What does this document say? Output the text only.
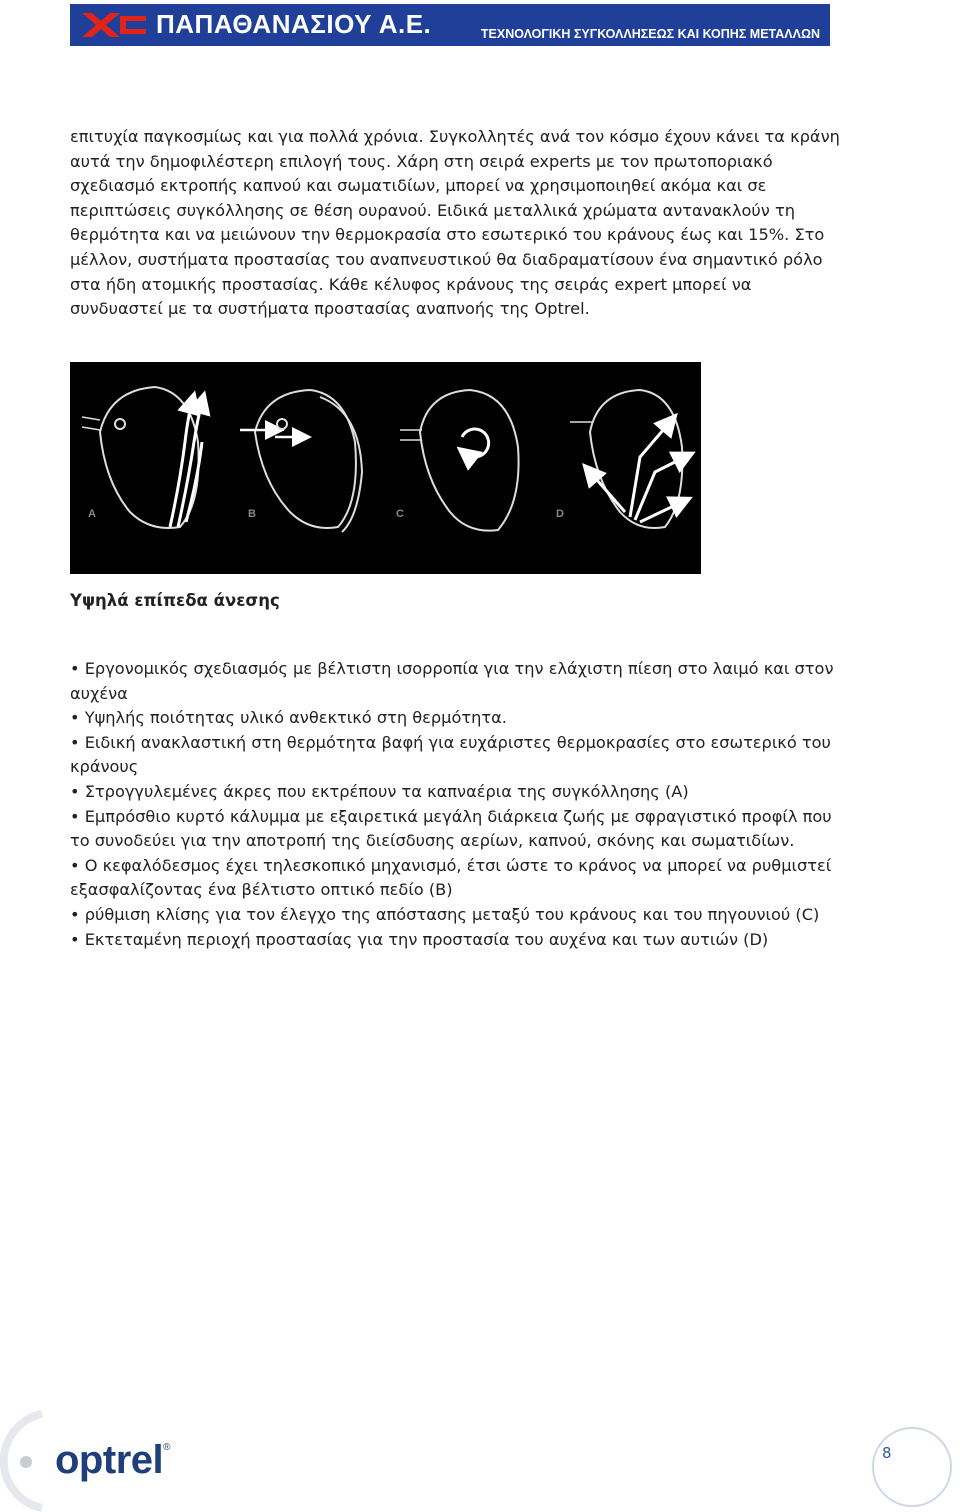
ΠΑΠΑΘΑΝΑΣΙΟΥ Α.Ε.	ΤΕΧΝΟΛΟΓΙΚΗ ΣΥΓΚΟΛΛΗΣΕΩΣ ΚΑΙ ΚΟΠΗΣ ΜΕΤΑΛΛΩΝ

επιτυχία παγκοσμίως και για πολλά χρόνια. Συγκολλητές ανά τον κόσμο έχουν κάνει τα κράνη αυτά την δημοφιλέστερη επιλογή τους. Χάρη στη σειρά experts με τον πρωτοποριακό σχεδιασμό εκτροπής καπνού και σωματιδίων, μπορεί να χρησιμοποιηθεί ακόμα και σε περιπτώσεις συγκόλλησης σε θέση ουρανού. Ειδικά μεταλλικά χρώματα αντανακλούν τη θερμότητα και να μειώνουν την θερμοκρασία στο εσωτερικό του κράνους έως και 15%. Στο μέλλον, συστήματα προστασίας του αναπνευστικού θα διαδραματίσουν ένα σημαντικό ρόλο στα ήδη ατομικής προστασίας. Κάθε κέλυφος κράνους της σειράς expert μπορεί να συνδυαστεί με τα συστήματα προστασίας αναπνοής της Optrel.

A	B	C	D
Υψηλά επίπεδα άνεσης
• Εργονομικός σχεδιασμός με βέλτιστη ισορροπία για την ελάχιστη πίεση στο λαιμό και στον αυχένα
• Υψηλής ποιότητας υλικό ανθεκτικό στη θερμότητα.
• Ειδική ανακλαστική στη θερμότητα βαφή για ευχάριστες θερμοκρασίες στο εσωτερικό του κράνους
• Στρογγυλεμένες άκρες που εκτρέπουν τα καπναέρια της συγκόλλησης (A)
• Εμπρόσθιο κυρτό κάλυμμα με εξαιρετικά μεγάλη διάρκεια ζωής με σφραγιστικό προφίλ που το συνοδεύει για την αποτροπή της διείσδυσης αερίων, καπνού, σκόνης και σωματιδίων.
• Ο κεφαλόδεσμος έχει τηλεσκοπικό μηχανισμό, έτσι ώστε το κράνος να μπορεί να ρυθμιστεί εξασφαλίζοντας ένα βέλτιστο οπτικό πεδίο (B)
• ρύθμιση κλίσης για τον έλεγχο της απόστασης μεταξύ του κράνους και του πηγουνιού (C)
• Εκτεταμένη περιοχή προστασίας για την προστασία του αυχένα και των αυτιών (D)
optrel®	8
